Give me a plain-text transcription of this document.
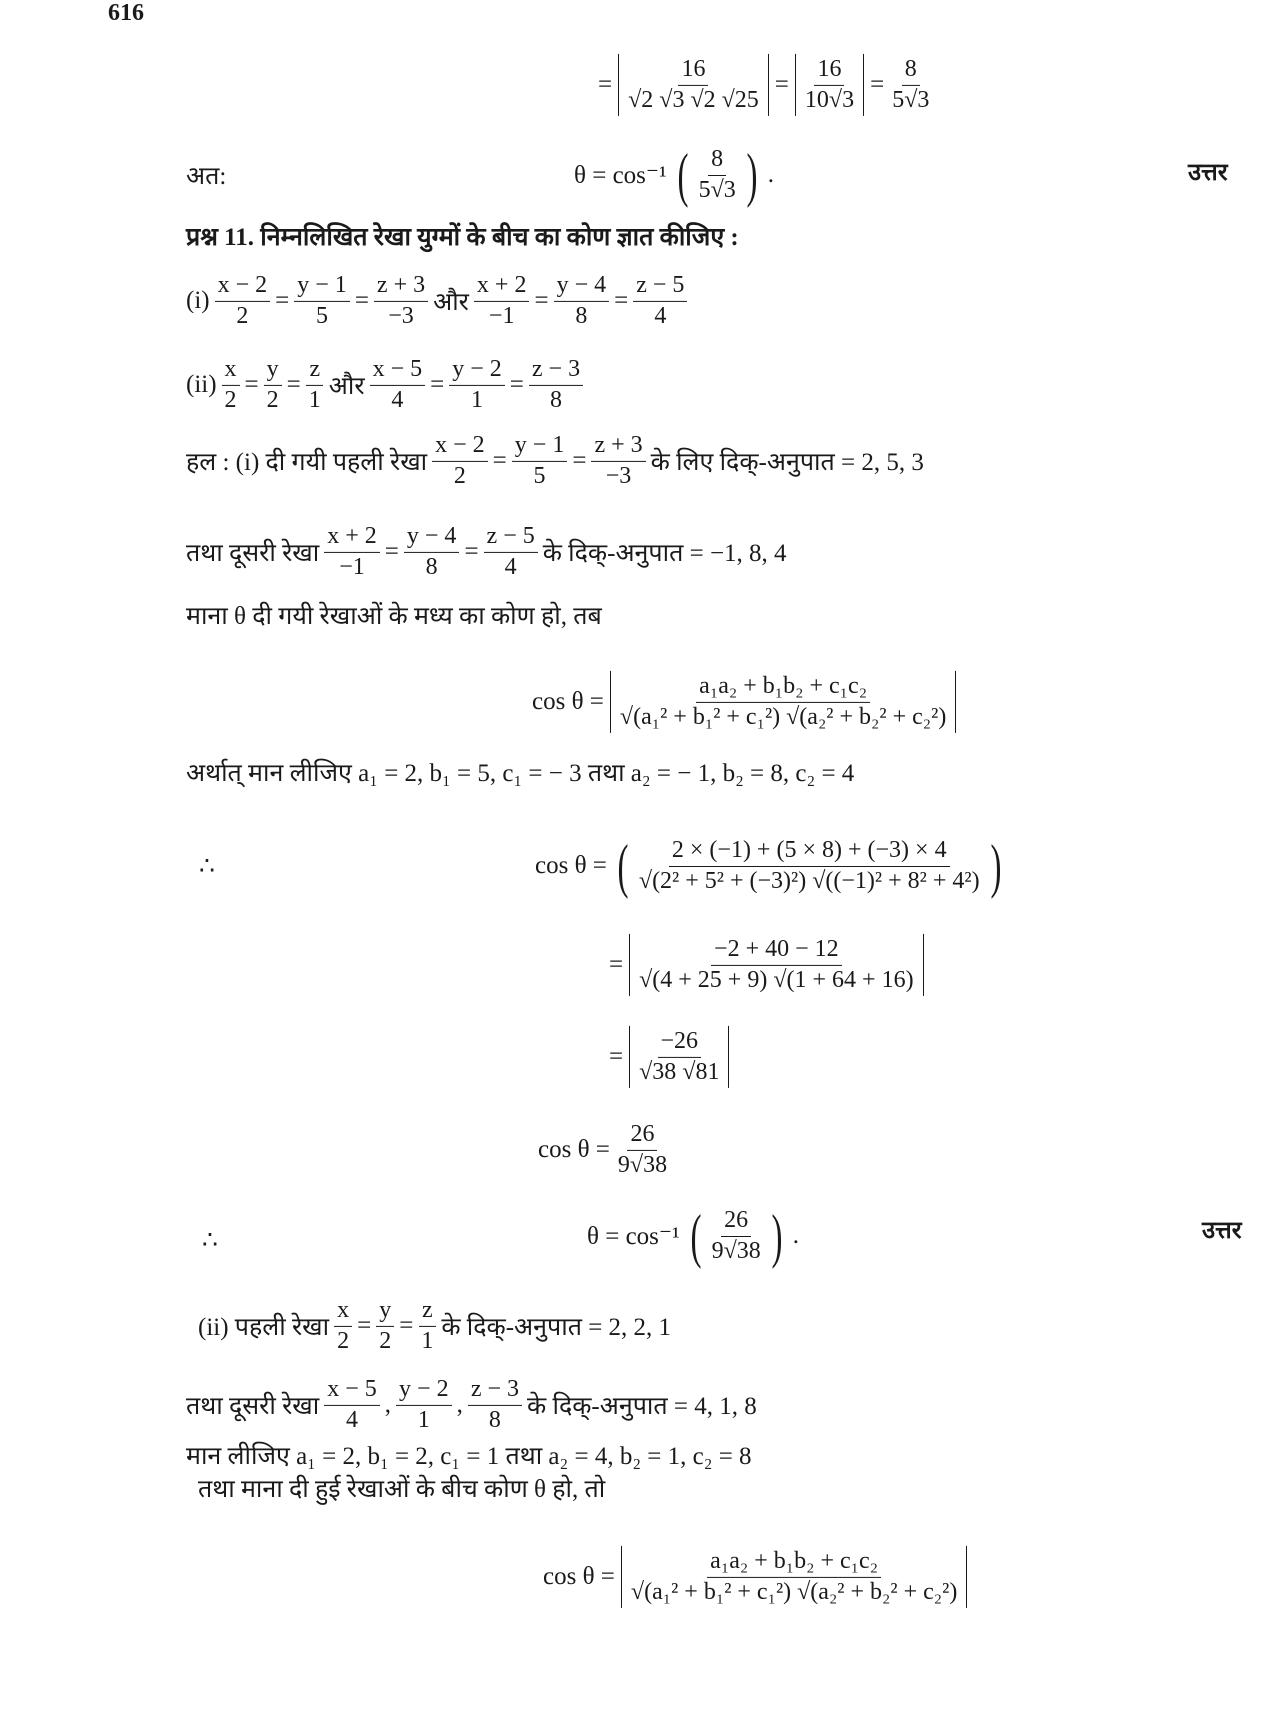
616
उत्तर
उत्तर
= $\frac{16}{√2 √3 √2 √25} = \frac{16}{10√3} = \frac{8}{5√3}$
अत:	θ = cos⁻¹ ( $\frac{8}{5√3}$
) .
प्रश्न 11. निम्नलिखित रेखा युग्मों के बीच का कोण ज्ञात कीजिए :
$(i) \frac{x - 2}{2} = \frac{y - 1}{5} = \frac{z + 3}{-3}$ और $\frac{x + 2}{-1} = \frac{y - 4}{8} = \frac{z - 5}{4}$
$(ii) \frac{x}{2} = \frac{y}{2} = \frac{z}{1}$ और $\frac{x - 5}{4} = \frac{y - 2}{1} = \frac{z - 3}{8}$
हल : (i) दी गयी पहली रेखा $\frac{x - 2}{2} = \frac{y - 1}{5} = \frac{z + 3}{-3}$ के लिए दिक्-अनुपात = 2, 5, 3
तथा दूसरी रेखा $\frac{x + 2}{-1} = \frac{y - 4}{8} = \frac{z - 5}{4}$ के दिक्-अनुपात = −1, 8, 4
माना θ दी गयी रेखाओं के मध्य का कोण हो, तब
$\cos \theta = \frac{\text{a₁a₂ + b₁b₂ + c₁c₂}}{\text{√(a₁² + b₁² + c₁²) √(a₂² + b₂² + c₂²)}}$
अर्थात् मान लीजिए a₁ = 2, b₁ = 5, c₁ = − 3 तथा a₂ = − 1, b₂ = 8, c₂ = 4
∴	cos θ = ( $\frac{2 \times (-1) + (5 \times 8) + (-3) \times 4}{\text{√(2² + 5² + (−3)²) √((−1)² + 8² + 4²)}}$
)
= $\frac{-2 + 40 - 12}{√(4 + 25 + 9) √(1 + 64 + 16)}$
= $\frac{-26}{√38 √81}$
$\cos \theta = \frac{26}{9√38}$
∴	θ = cos⁻¹ ( $\frac{26}{9√38}$
) .
(ii) पहली रेखा $\frac{x}{2} = \frac{y}{2} = \frac{z}{1}$ के दिक्-अनुपात = 2, 2, 1
तथा दूसरी रेखा $\frac{x - 5}{4}$ , $\frac{y - 2}{1}$ , $\frac{z - 3}{8}$ के दिक्-अनुपात = 4, 1, 8
मान लीजिए a₁ = 2, b₁ = 2, c₁ = 1 तथा a₂ = 4, b₂ = 1, c₂ = 8
तथा माना दी हुई रेखाओं के बीच कोण θ हो, तो
$\cos \theta = \frac{\text{a₁a₂ + b₁b₂ + c₁c₂}}{\text{√(a₁² + b₁² + c₁²) √(a₂² + b₂² + c₂²)}}$
